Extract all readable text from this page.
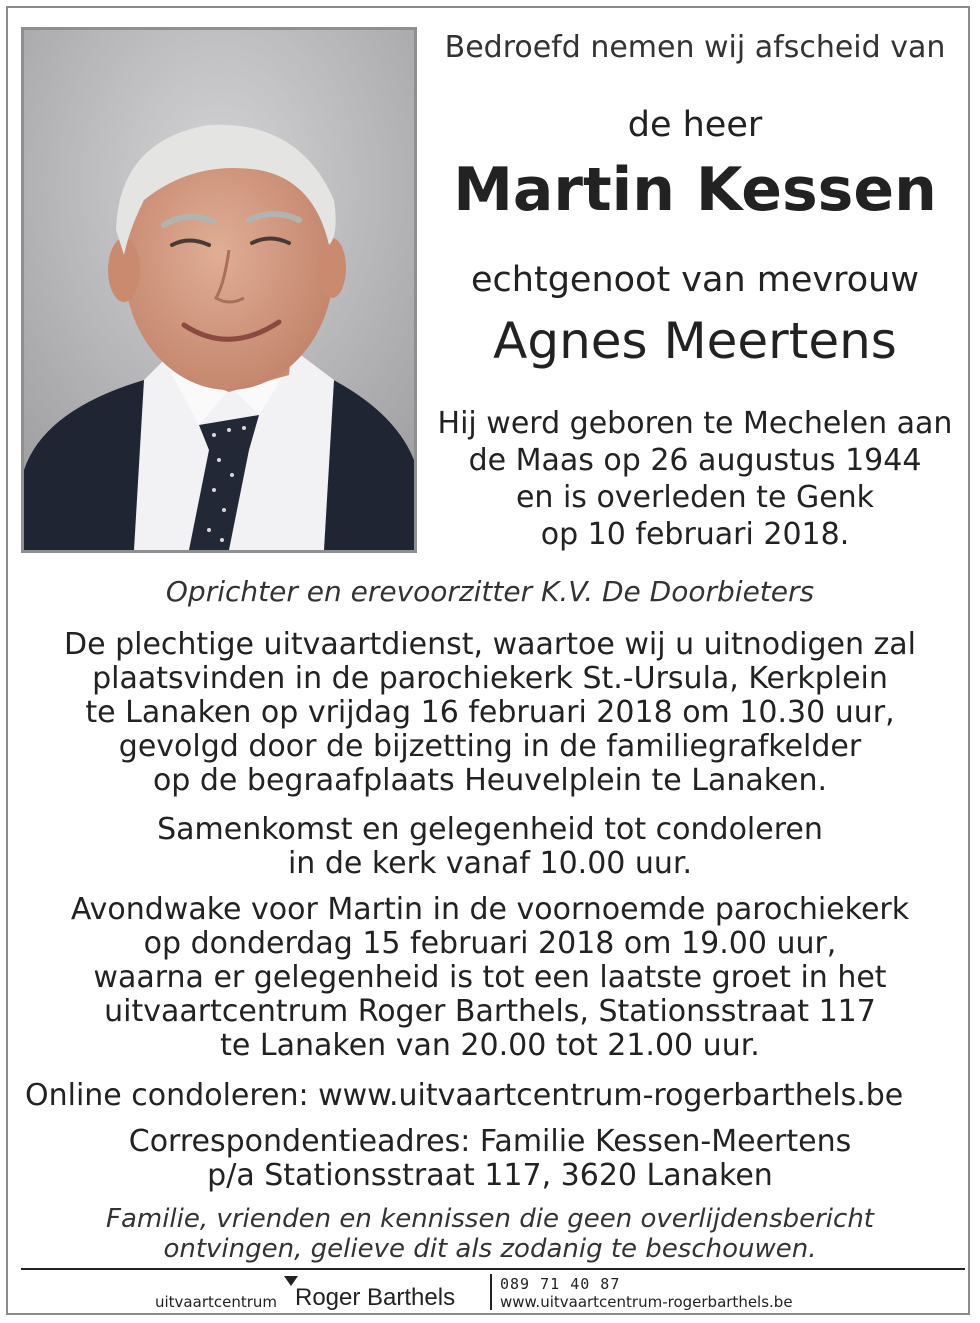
Bedroefd nemen wij afscheid van
de heer
Martin Kessen
echtgenoot van mevrouw
Agnes Meertens
Hij werd geboren te Mechelen aan
de Maas op 26 augustus 1944
en is overleden te Genk
op 10 februari 2018.
Oprichter en erevoorzitter K.V. De Doorbieters
De plechtige uitvaartdienst, waartoe wij u uitnodigen zal
plaatsvinden in de parochiekerk St.-Ursula, Kerkplein
te Lanaken op vrijdag 16 februari 2018 om 10.30 uur,
gevolgd door de bijzetting in de familiegrafkelder
op de begraafplaats Heuvelplein te Lanaken.
Samenkomst en gelegenheid tot condoleren
in de kerk vanaf 10.00 uur.
Avondwake voor Martin in de voornoemde parochiekerk
op donderdag 15 februari 2018 om 19.00 uur,
waarna er gelegenheid is tot een laatste groet in het
uitvaartcentrum Roger Barthels, Stationsstraat 117
te Lanaken van 20.00 tot 21.00 uur.
Online condoleren: www.uitvaartcentrum-rogerbarthels.be
Correspondentieadres: Familie Kessen-Meertens
p/a Stationsstraat 117, 3620 Lanaken
Familie, vrienden en kennissen die geen overlijdensbericht
ontvingen, gelieve dit als zodanig te beschouwen.
uitvaartcentrum Roger Barthels	089 71 40 87
www.uitvaartcentrum-rogerbarthels.be
